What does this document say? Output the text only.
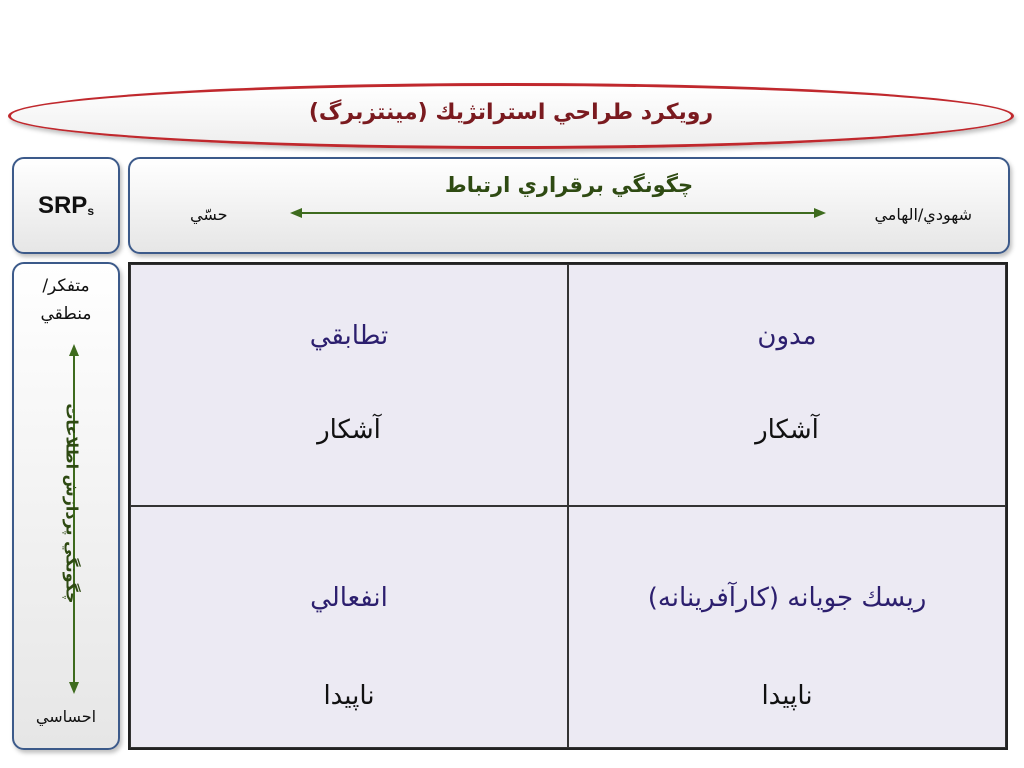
رويكرد طراحي استراتژيك (مينتزبرگ)
$SRP_s$
چگونگي برقراري ارتباط
حسّي	شهودي/الهامي
متفكر/
منطقي
چگونگي پردازش اطلاعات
احساسي
تطابقي
آشكار
مدون
آشكار
انفعالي
ناپيدا
ريسك جويانه (كارآفرينانه)
ناپيدا
